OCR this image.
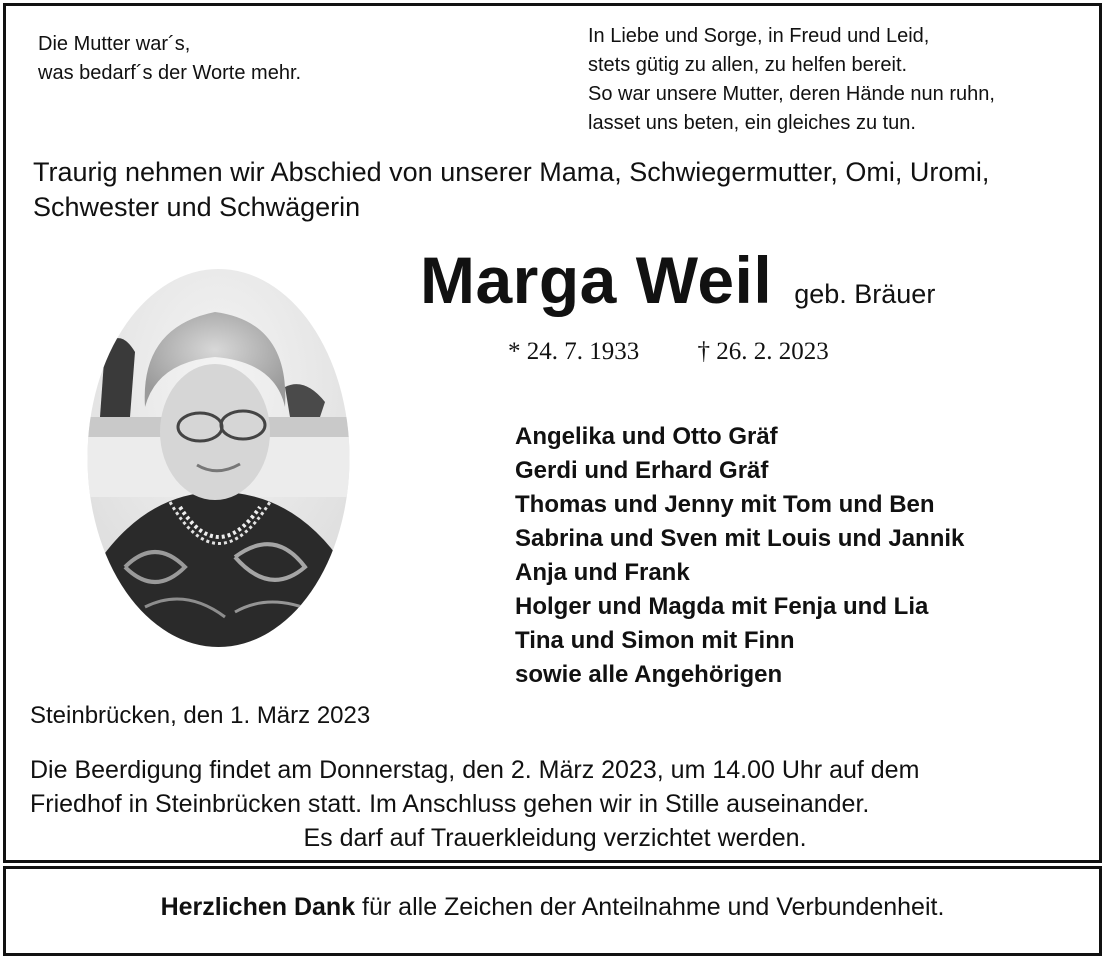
Die Mutter war´s,
was bedarf´s der Worte mehr.
In Liebe und Sorge, in Freud und Leid,
stets gütig zu allen, zu helfen bereit.
So war unsere Mutter, deren Hände nun ruhn,
lasset uns beten, ein gleiches zu tun.
Traurig nehmen wir Abschied von unserer Mama, Schwiegermutter, Omi, Uromi,
Schwester und Schwägerin
Marga Weil geb. Bräuer
* 24. 7. 1933 † 26. 2. 2023
Angelika und Otto Gräf
Gerdi und Erhard Gräf
Thomas und Jenny mit Tom und Ben
Sabrina und Sven mit Louis und Jannik
Anja und Frank
Holger und Magda mit Fenja und Lia
Tina und Simon mit Finn
sowie alle Angehörigen
Steinbrücken, den 1. März 2023
Die Beerdigung findet am Donnerstag, den 2. März 2023, um 14.00 Uhr auf dem
Friedhof in Steinbrücken statt. Im Anschluss gehen wir in Stille auseinander.
Es darf auf Trauerkleidung verzichtet werden.
Herzlichen Dank für alle Zeichen der Anteilnahme und Verbundenheit.
